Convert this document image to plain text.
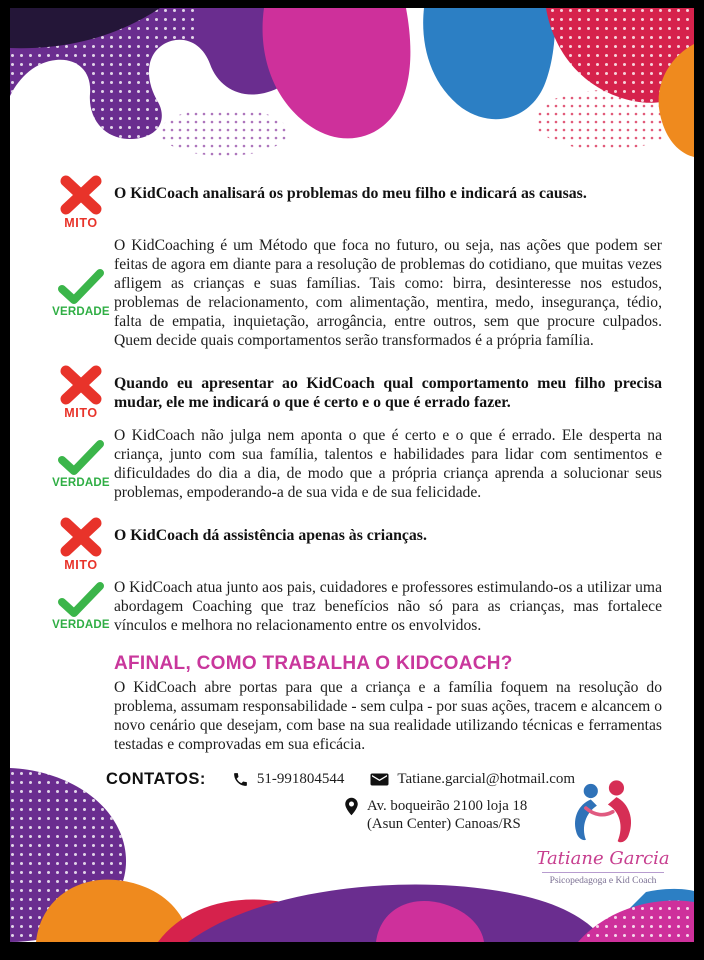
MITO
O KidCoach analisará os problemas do meu filho e indicará as causas.
VERDADE
O KidCoaching é um Método que foca no futuro, ou seja, nas ações que podem ser feitas de agora em diante para a resolução de problemas do cotidiano, que muitas vezes afligem as crianças e suas famílias. Tais como: birra, desinteresse nos estudos, problemas de relacionamento, com alimentação, mentira, medo, insegurança, tédio, falta de empatia, inquietação, arrogância, entre outros, sem que procure culpados. Quem decide quais comportamentos serão transformados é a própria família.
MITO
Quando eu apresentar ao KidCoach qual comportamento meu filho precisa mudar, ele me indicará o que é certo e o que é errado fazer.
VERDADE
O KidCoach não julga nem aponta o que é certo e o que é errado. Ele desperta na criança, junto com sua família, talentos e habilidades para lidar com sentimentos e dificuldades do dia a dia, de modo que a própria criança aprenda a solucionar seus problemas, empoderando-a de sua vida e de sua felicidade.
MITO
O KidCoach dá assistência apenas às crianças.
VERDADE
O KidCoach atua junto aos pais, cuidadores e professores estimulando-os a utilizar uma abordagem Coaching que traz benefícios não só para as crianças, mas fortalece vínculos e melhora no relacionamento entre os envolvidos.
AFINAL, COMO TRABALHA O KIDCOACH?
O KidCoach abre portas para que a criança e a família foquem na resolução do problema, assumam responsabilidade - sem culpa - por suas ações, tracem e alcancem o novo cenário que desejam, com base na sua realidade utilizando técnicas e ferramentas testadas e comprovadas em sua eficácia.
CONTATOS:	51-991804544	Tatiane.garcial@hotmail.com
Av. boqueirão 2100 loja 18
(Asun Center) Canoas/RS
Tatiane Garcia
Psicopedagoga e Kid Coach
